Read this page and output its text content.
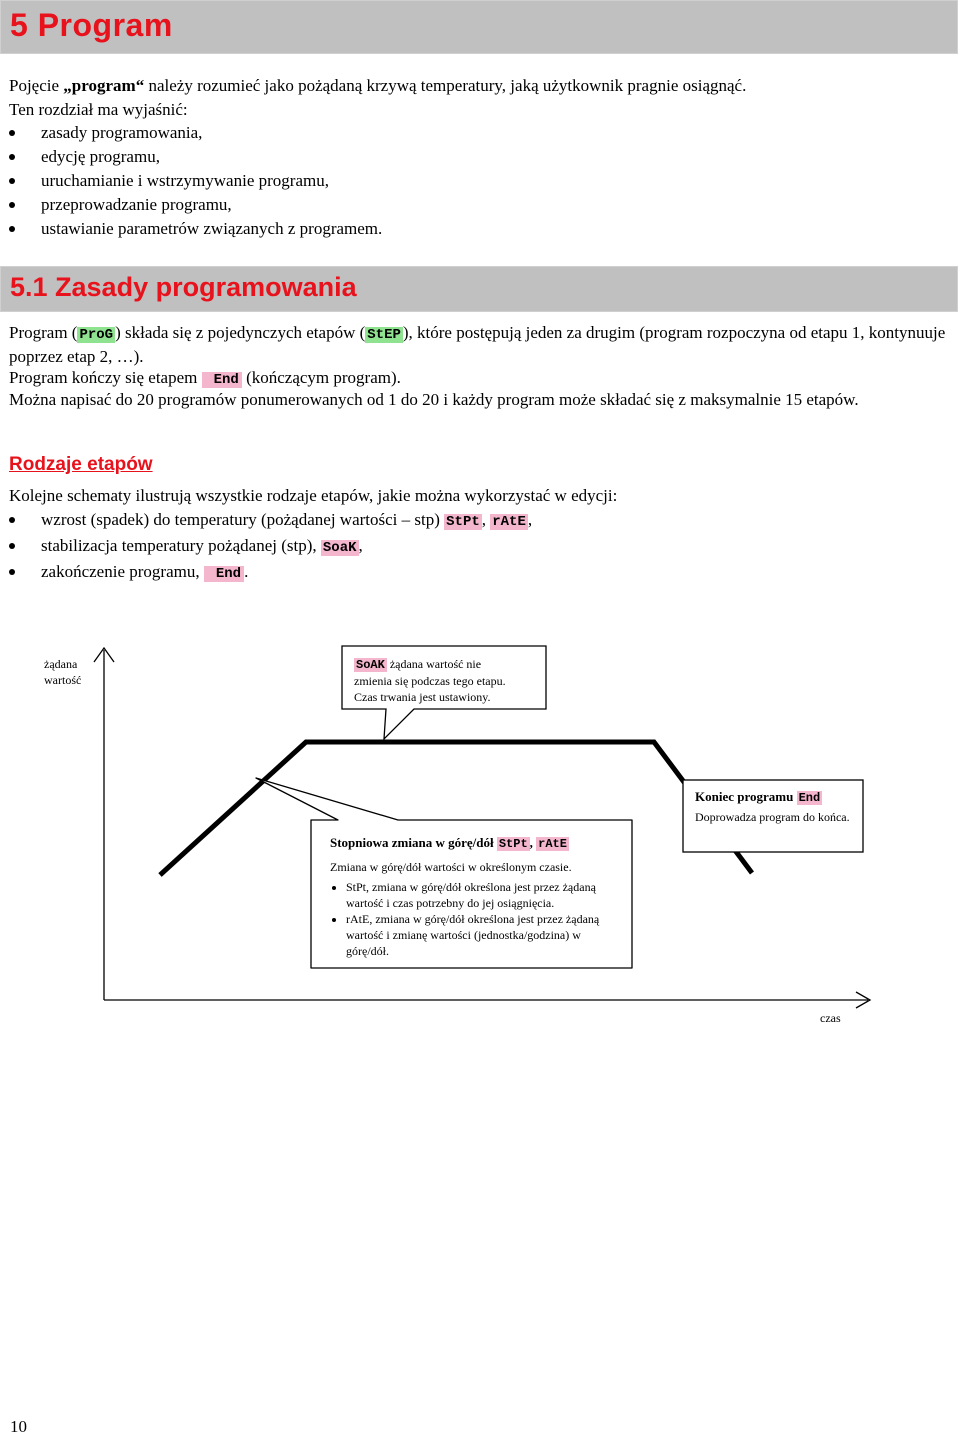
5 Program
Pojęcie „program“ należy rozumieć jako pożądaną krzywą temperatury, jaką użytkownik pragnie osiągnąć.
Ten rozdział ma wyjaśnić:
zasady programowania,
edycję programu,
uruchamianie i wstrzymywanie programu,
przeprowadzanie programu,
ustawianie parametrów związanych z programem.
5.1 Zasady programowania
Program ( ProG ) składa się z pojedynczych etapów ( StEP ), które postępują jeden za drugim (program rozpoczyna od etapu 1, kontynuuje poprzez etap 2, …).
Program kończy się etapem End (kończącym program).
Można napisać do 20 programów ponumerowanych od 1 do 20 i każdy program może składać się z maksymalnie 15 etapów.
Rodzaje etapów
Kolejne schematy ilustrują wszystkie rodzaje etapów, jakie można wykorzystać w edycji:
wzrost (spadek) do temperatury (pożądanej wartości – stp) StPt , rAtE ,
stabilizacja temperatury pożądanej (stp), SoaK ,
zakończenie programu, End .
żądana
wartość
czas
SoAK żądana wartość nie
zmienia się podczas tego etapu.
Czas trwania jest ustawiony.
Stopniowa zmiana w górę/dół StPt , rAtE
Zmiana w górę/dół wartości w określonym czasie.
• StPt, zmiana w górę/dół określona jest przez żądaną wartość i czas potrzebny do jej osiągnięcia.
• rAtE, zmiana w górę/dół określona jest przez żądaną wartość i zmianę wartości (jednostka/godzina) w górę/dół.
Koniec programu End
Doprowadza program do końca.
10
